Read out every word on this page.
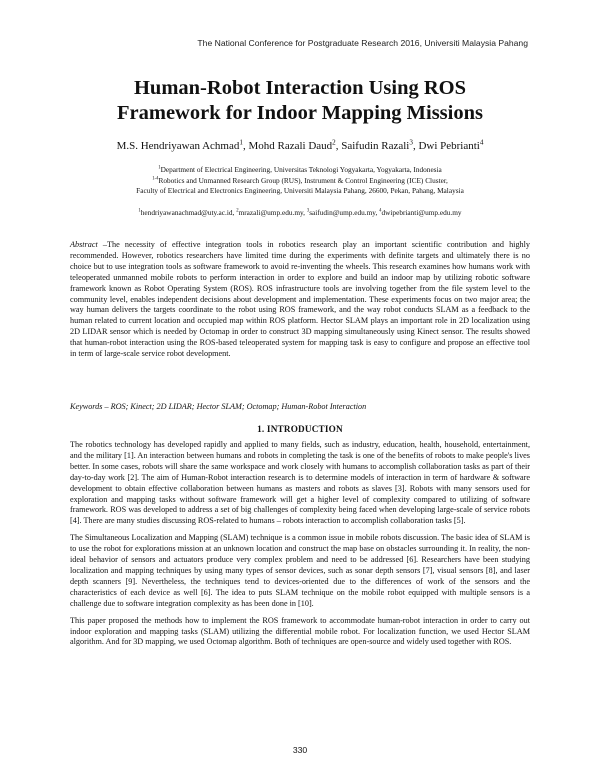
The National Conference for Postgraduate Research 2016, Universiti Malaysia Pahang
Human-Robot Interaction Using ROS
Framework for Indoor Mapping Missions
M.S. Hendriyawan Achmad$^1$, Mohd Razali Daud$^2$, Saifudin Razali$^3$, Dwi Pebrianti$^4$
$^1$Department of Electrical Engineering, Universitas Teknologi Yogyakarta, Yogyakarta, Indonesia
$^{1-4}$Robotics and Unmanned Research Group (RUS), Instrument & Control Engineering (ICE) Cluster,
Faculty of Electrical and Electronics Engineering, Universiti Malaysia Pahang, 26600, Pekan, Pahang, Malaysia
$^1$hendriyawanachmad@uty.ac.id, $^2$mrazali@ump.edu.my, $^3$saifudin@ump.edu.my, $^4$dwipebrianti@ump.edu.my
Abstract –The necessity of effective integration tools in robotics research play an important scientific contribution and highly recommended. However, robotics researchers have limited time during the experiments with definite targets and ultimately there is no choice but to use integration tools as software framework to avoid re-inventing the wheels. This research examines how humans work with teleoperated unmanned mobile robots to perform interaction in order to explore and build an indoor map by utilizing robotic software framework known as Robot Operating System (ROS). ROS infrastructure tools are involving together from the file system level to the community level, enables independent decisions about development and implementation. These experiments focus on two major area; the way human delivers the targets coordinate to the robot using ROS framework, and the way robot conducts SLAM as a feedback to the human related to current location and occupied map within ROS platform. Hector SLAM plays an important role in 2D localization using 2D LIDAR sensor which is needed by Octomap in order to construct 3D mapping simultaneously using Kinect sensor. The results showed that human-robot interaction using the ROS-based teleoperated system for mapping task is easy to configure and propose an effective tool in term of large-scale service robot development.
Keywords – ROS; Kinect; 2D LIDAR; Hector SLAM; Octomap; Human-Robot Interaction
1. INTRODUCTION

The robotics technology has developed rapidly and applied to many fields, such as industry, education, health, household, entertainment, and the military [1]. An interaction between humans and robots in completing the task is one of the benefits of robots to make people's lives better. In some cases, robots will share the same workspace and work closely with humans to accomplish collaboration tasks as part of their day-to-day work [2]. The aim of Human-Robot interaction research is to determine models of interaction in term of hardware & software development to obtain effective collaboration between humans as masters and robots as slaves [3]. Robots with many sensors used for exploration and mapping tasks without software framework will get a higher level of complexity compared to utilizing of software framework. ROS was developed to address a set of big challenges of complexity being faced when developing large-scale of service robots [4]. There are many studies discussing ROS-related to humans – robots interaction to accomplish collaboration tasks [5].

The Simultaneous Localization and Mapping (SLAM) technique is a common issue in mobile robots discussion. The basic idea of SLAM is to use the robot for explorations mission at an unknown location and construct the map base on obstacles surrounding it. In reality, the non-ideal behavior of sensors and actuators produce very complex problem and need to be addressed [6]. Researchers have been studying localization and mapping techniques by using many types of sensor devices, such as sonar depth sensors [7], visual sensors [8], and laser depth scanners [9]. Nevertheless, the techniques tend to devices-oriented due to the differences of work of the sensors and the characteristics of each device as well [6]. The idea to puts SLAM technique on the mobile robot equipped with multiple sensors is a challenge due to software integration complexity as has been done in [10].

This paper proposed the methods how to implement the ROS framework to accommodate human-robot interaction in order to carry out indoor exploration and mapping tasks (SLAM) utilizing the differential mobile robot. For localization function, we used Hector SLAM algorithm. And for 3D mapping, we used Octomap algorithm. Both of techniques are open-source and widely used together with ROS.

330
